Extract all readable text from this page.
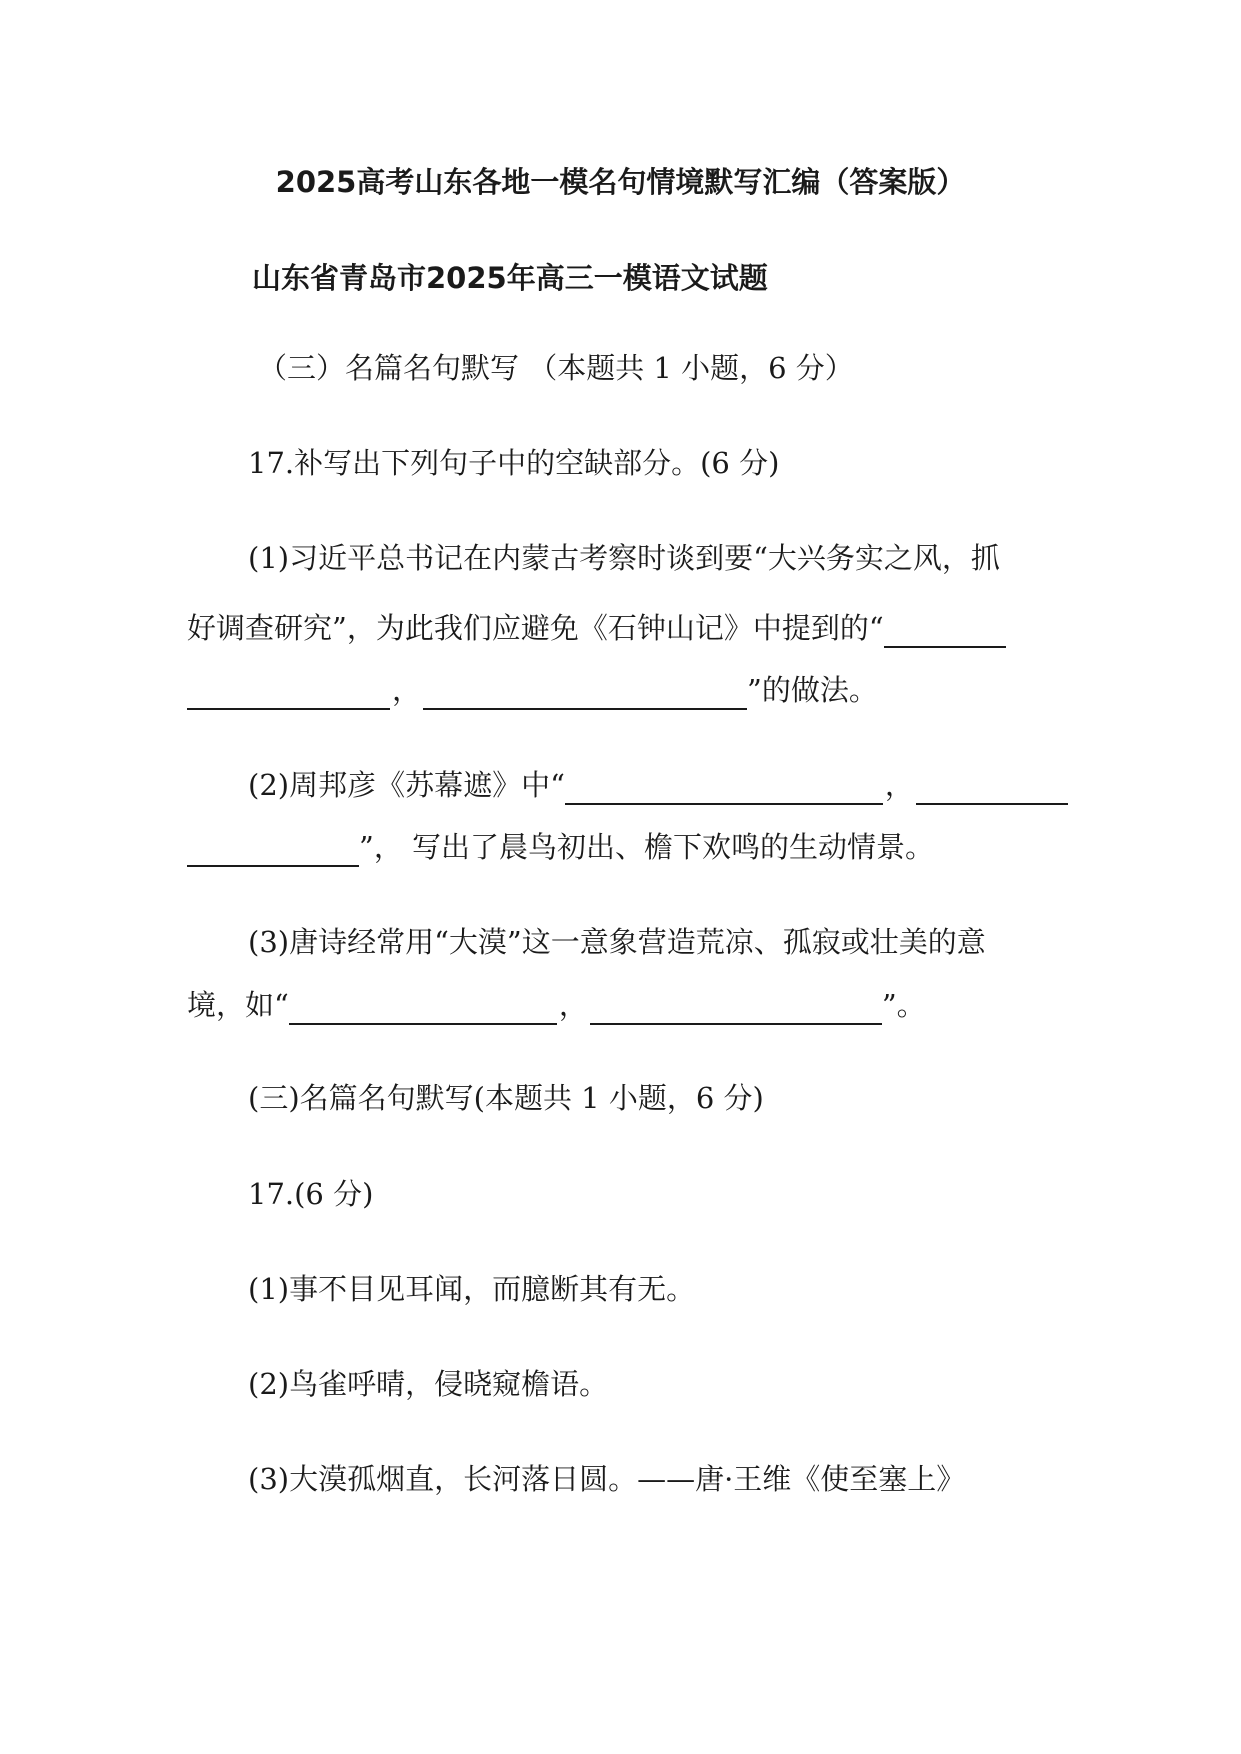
2025高考山东各地一模名句情境默写汇编（答案版）
山东省青岛市2025年高三一模语文试题
（三）名篇名句默写 （本题共 1 小题，6 分）
17.补写出下列句子中的空缺部分。(6 分)
(1)习近平总书记在内蒙古考察时谈到要“大兴务实之风，抓
好调查研究”，为此我们应避免《石钟山记》中提到的“
，	”的做法。
(2)周邦彦《苏幕遮》中“	，
”， 写出了晨鸟初出、檐下欢鸣的生动情景。
(3)唐诗经常用“大漠”这一意象营造荒凉、孤寂或壮美的意
境，如“	，	”。
(三)名篇名句默写(本题共 1 小题，6 分)
17.(6 分)
(1)事不目见耳闻，而臆断其有无。
(2)鸟雀呼晴，侵晓窥檐语。
(3)大漠孤烟直，长河落日圆。——唐·王维《使至塞上》
